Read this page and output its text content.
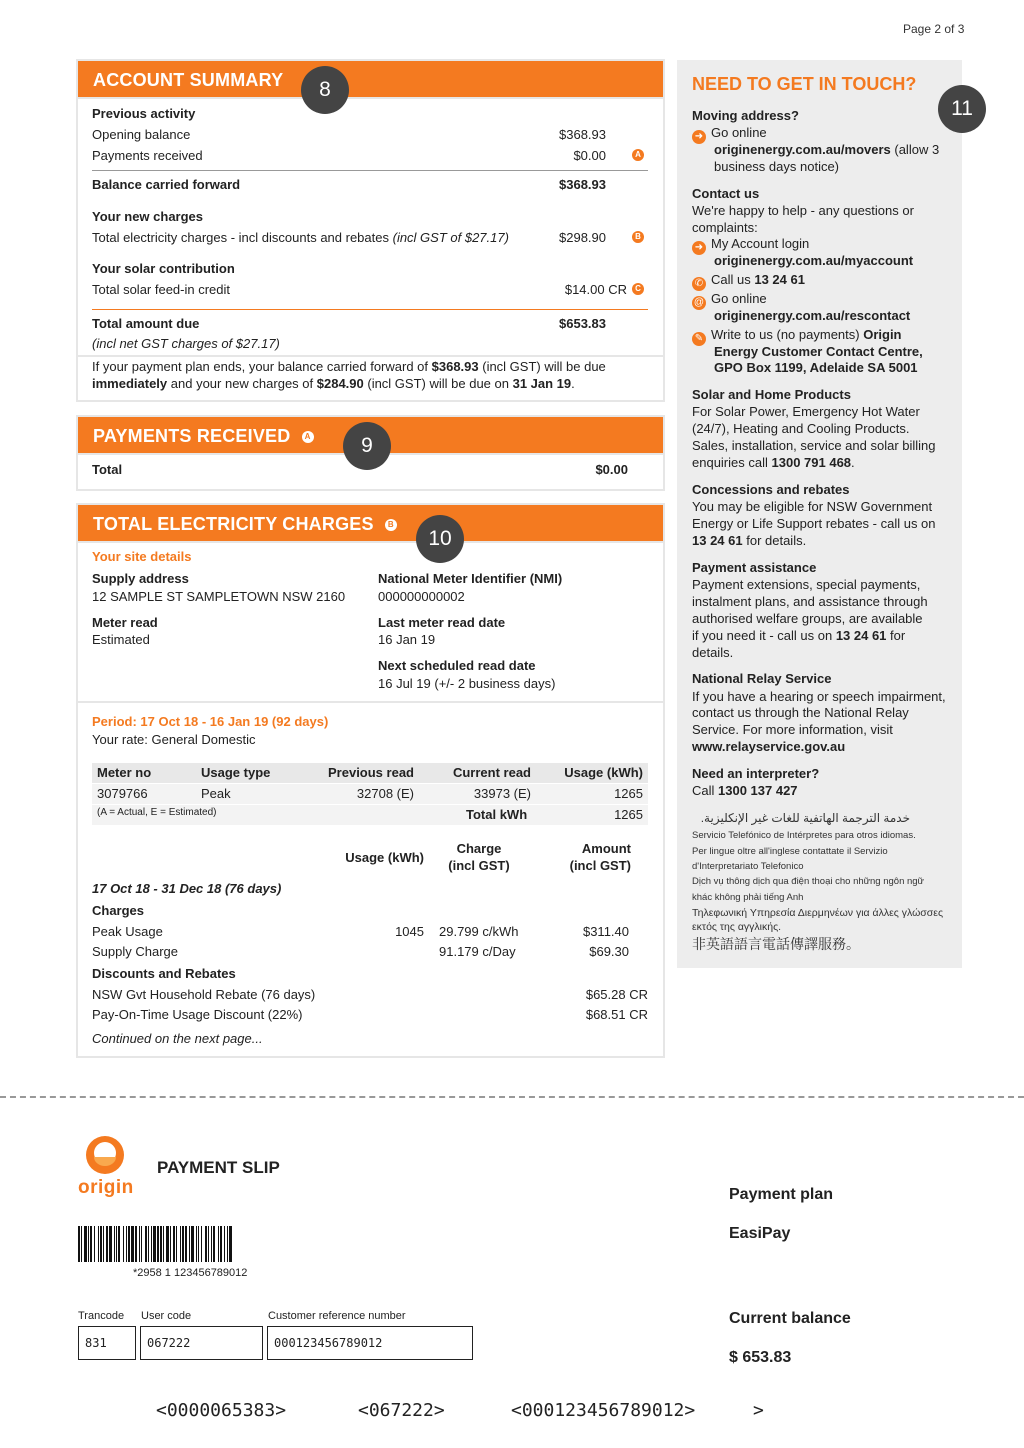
Page 2 of 3
ACCOUNT SUMMARY	8
Previous activity
Opening balance	$368.93
Payments received	$0.00	A
Balance carried forward	$368.93
Your new charges
Total electricity charges - incl discounts and rebates (incl GST of $27.17)	$298.90	B
Your solar contribution
Total solar feed-in credit	$14.00 CR	C
Total amount due	$653.83
(incl net GST charges of $27.17)
If your payment plan ends, your balance carried forward of $368.93 (incl GST) will be due
immediately and your new charges of $284.90 (incl GST) will be due on 31 Jan 19.
PAYMENTS RECEIVED A	9
Total	$0.00
TOTAL ELECTRICITY CHARGES B
10
Your site details
Supply address
12 SAMPLE ST SAMPLETOWN NSW 2160
National Meter Identifier (NMI)
000000000002
Meter read
Estimated
Last meter read date
16 Jan 19
Next scheduled read date
16 Jul 19 (+/- 2 business days)
Period: 17 Oct 18 - 16 Jan 19 (92 days)
Your rate: General Domestic
Meter no	Usage type	Previous read	Current read	Usage (kWh)
3079766	Peak	32708 (E)	33973 (E)	1265
(A = Actual, E = Estimated)	Total kWh	1265
Usage (kWh)
Charge
(incl GST)
Amount
(incl GST)
17 Oct 18 - 31 Dec 18 (76 days)
Charges
Peak Usage	1045 29.799 c/kWh	$311.40
Supply Charge	91.179 c/Day	$69.30
Discounts and Rebates
NSW Gvt Household Rebate (76 days)	$65.28 CR
Pay-On-Time Usage Discount (22%)	$68.51 CR
Continued on the next page...
NEED TO GET IN TOUCH?
11
Moving address?
➜ Go online
originenergy.com.au/movers (allow 3
business days notice)
Contact us
We're happy to help - any questions or
complaints:
➜ My Account login
originenergy.com.au/myaccount
✆ Call us 13 24 61
@ Go online
originenergy.com.au/rescontact
✎ Write to us (no payments) Origin
Energy Customer Contact Centre,
GPO Box 1199, Adelaide SA 5001
Solar and Home Products
For Solar Power, Emergency Hot Water
(24/7), Heating and Cooling Products.
Sales, installation, service and solar billing
enquiries call 1300 791 468.
Concessions and rebates
You may be eligible for NSW Government
Energy or Life Support rebates - call us on
13 24 61 for details.
Payment assistance
Payment extensions, special payments,
instalment plans, and assistance through
authorised welfare groups, are available
if you need it - call us on 13 24 61 for
details.
National Relay Service
If you have a hearing or speech impairment,
contact us through the National Relay
Service. For more information, visit
www.relayservice.gov.au
Need an interpreter?
Call 1300 137 427
خدمة الترجمة الهاتفية للغات غير الإنكليزية.
Servicio Telefónico de Intérpretes para otros idiomas.
Per lingue oltre all'inglese contattate il Servizio
d'Interpretariato Telefonico
Dịch vụ thông dịch qua điện thoại cho những ngôn ngữ
khác không phải tiếng Anh
Τηλεφωνική Υπηρεσία Διερμηνέων για άλλες γλώσσες
εκτός της αγγλικής.
非英語語言電話傳譯服務。
origin
PAYMENT SLIP
*2958 1 123456789012
Trancode User code	Customer reference number
831	067222	000123456789012
Payment plan
EasiPay
Current balance
$ 653.83
<0000065383>	<067222>	<000123456789012>	>
